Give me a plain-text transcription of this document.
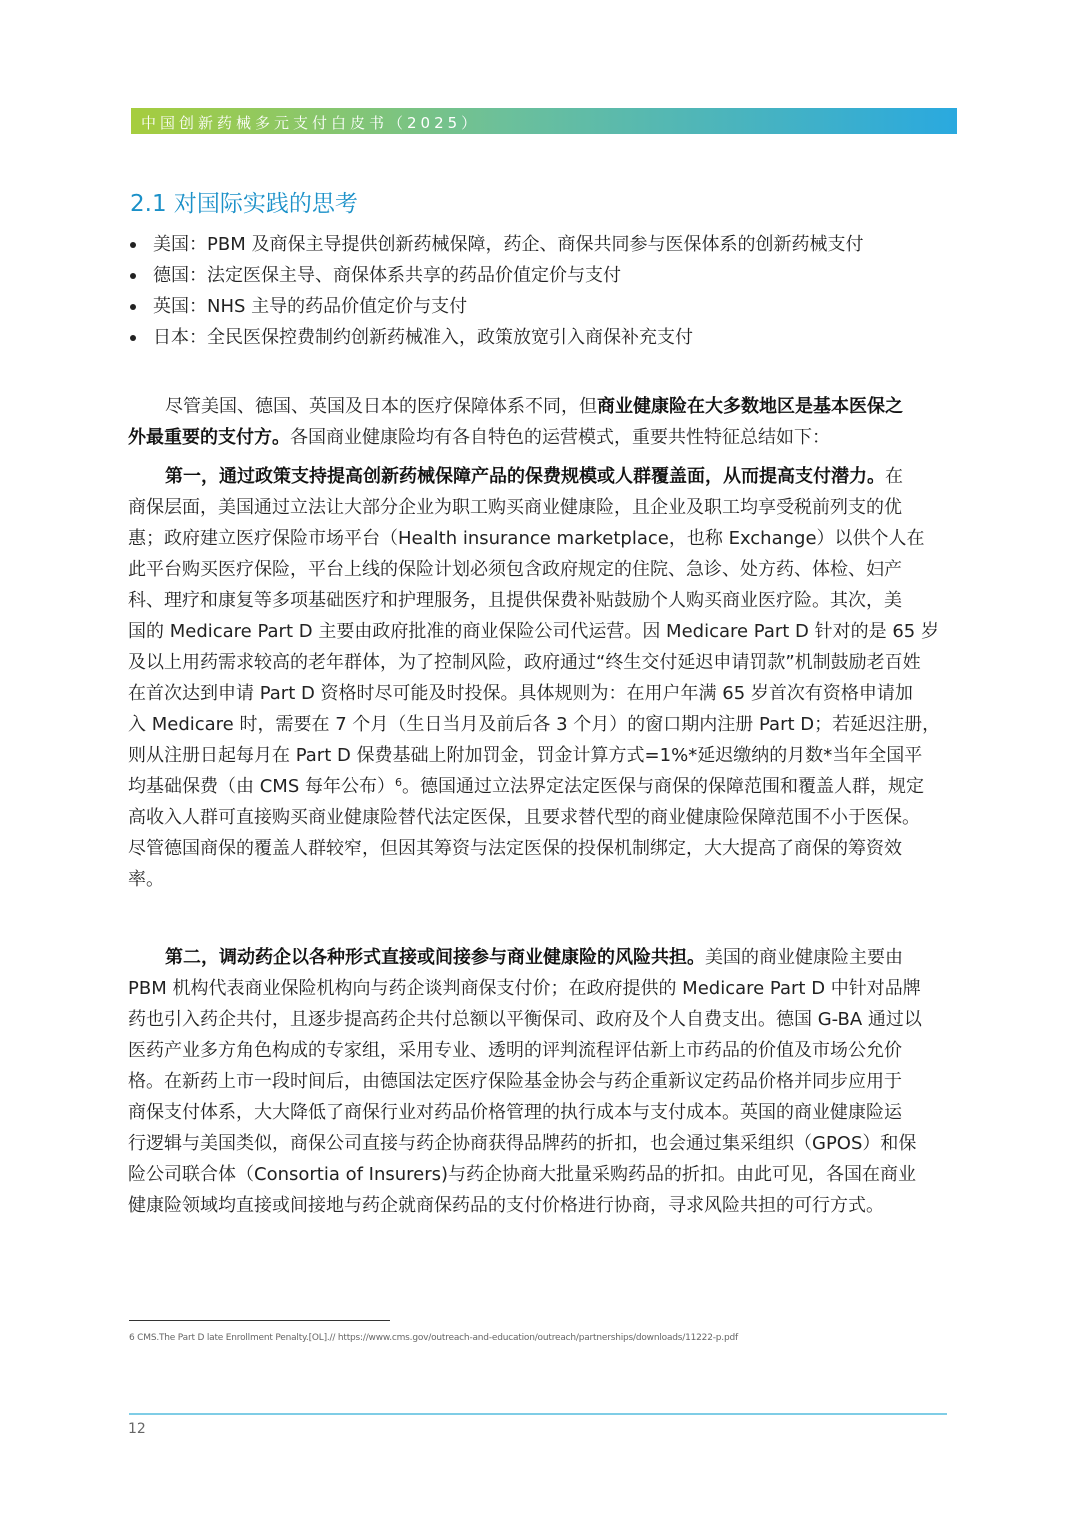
中国创新药械多元支付白皮书（2025）
2.1 对国际实践的思考
美国：PBM 及商保主导提供创新药械保障，药企、商保共同参与医保体系的创新药械支付
德国：法定医保主导、商保体系共享的药品价值定价与支付
英国：NHS 主导的药品价值定价与支付
日本：全民医保控费制约创新药械准入，政策放宽引入商保补充支付
尽管美国、德国、英国及日本的医疗保障体系不同，但商业健康险在大多数地区是基本医保之
外最重要的支付方。各国商业健康险均有各自特色的运营模式，重要共性特征总结如下：
第一，通过政策支持提高创新药械保障产品的保费规模或人群覆盖面，从而提高支付潜力。在
商保层面，美国通过立法让大部分企业为职工购买商业健康险，且企业及职工均享受税前列支的优
惠；政府建立医疗保险市场平台（Health insurance marketplace，也称 Exchange）以供个人在
此平台购买医疗保险，平台上线的保险计划必须包含政府规定的住院、急诊、处方药、体检、妇产
科、理疗和康复等多项基础医疗和护理服务，且提供保费补贴鼓励个人购买商业医疗险。其次，美
国的 Medicare Part D 主要由政府批准的商业保险公司代运营。因 Medicare Part D 针对的是 65 岁
及以上用药需求较高的老年群体，为了控制风险，政府通过“终生交付延迟申请罚款”机制鼓励老百姓
在首次达到申请 Part D 资格时尽可能及时投保。具体规则为：在用户年满 65 岁首次有资格申请加
入 Medicare 时，需要在 7 个月（生日当月及前后各 3 个月）的窗口期内注册 Part D；若延迟注册，
则从注册日起每月在 Part D 保费基础上附加罚金，罚金计算方式=1%*延迟缴纳的月数*当年全国平
均基础保费（由 CMS 每年公布）$^6$。德国通过立法界定法定医保与商保的保障范围和覆盖人群，规定
高收入人群可直接购买商业健康险替代法定医保，且要求替代型的商业健康险保障范围不小于医保。
尽管德国商保的覆盖人群较窄，但因其筹资与法定医保的投保机制绑定，大大提高了商保的筹资效
率。
第二，调动药企以各种形式直接或间接参与商业健康险的风险共担。美国的商业健康险主要由
PBM 机构代表商业保险机构向与药企谈判商保支付价；在政府提供的 Medicare Part D 中针对品牌
药也引入药企共付，且逐步提高药企共付总额以平衡保司、政府及个人自费支出。德国 G-BA 通过以
医药产业多方角色构成的专家组，采用专业、透明的评判流程评估新上市药品的价值及市场公允价
格。在新药上市一段时间后，由德国法定医疗保险基金协会与药企重新议定药品价格并同步应用于
商保支付体系，大大降低了商保行业对药品价格管理的执行成本与支付成本。英国的商业健康险运
行逻辑与美国类似，商保公司直接与药企协商获得品牌药的折扣，也会通过集采组织（GPOS）和保
险公司联合体（Consortia of Insurers)与药企协商大批量采购药品的折扣。由此可见，各国在商业
健康险领域均直接或间接地与药企就商保药品的支付价格进行协商，寻求风险共担的可行方式。
6 CMS.The Part D late Enrollment Penalty.[OL].// https://www.cms.gov/outreach-and-education/outreach/partnerships/downloads/11222-p.pdf
12
